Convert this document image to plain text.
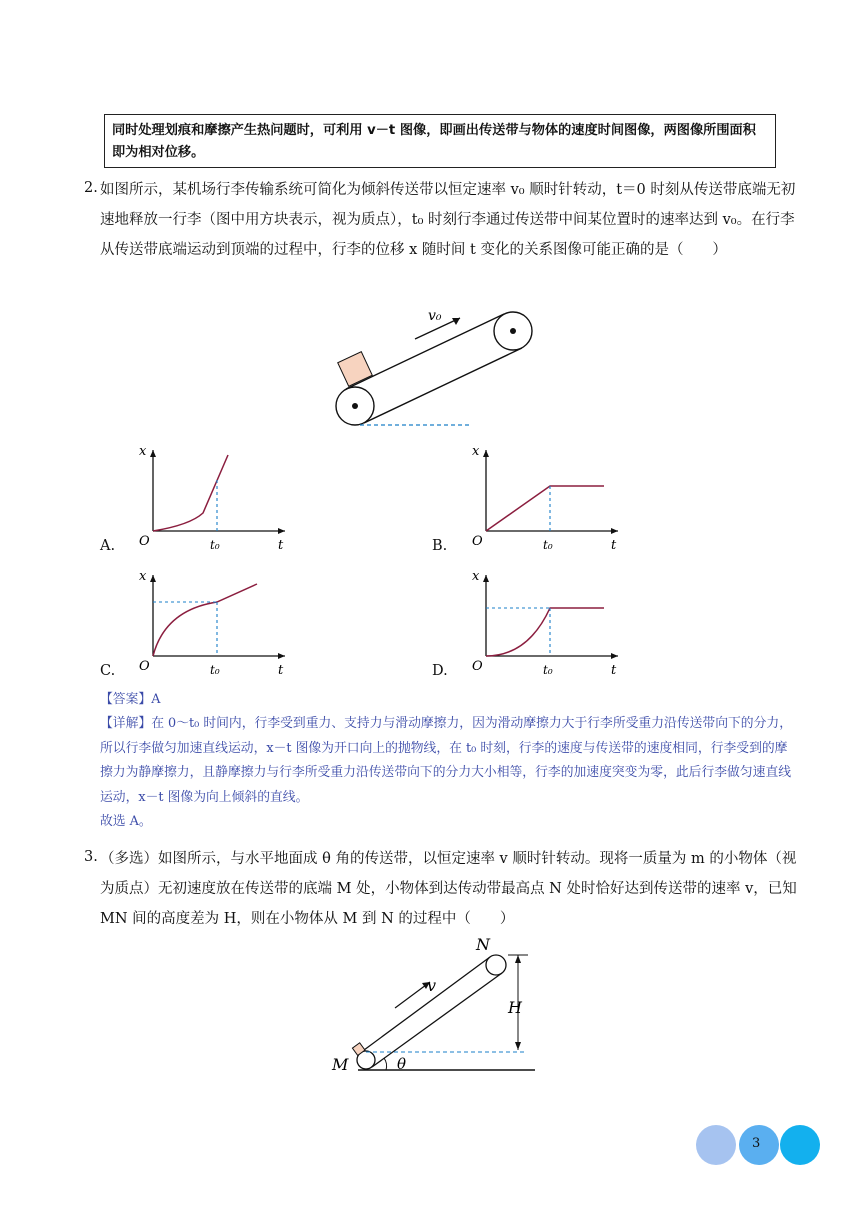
同时处理划痕和摩擦产生热问题时，可利用 v－t 图像，即画出传送带与物体的速度时间图像，两图像所围面积即为相对位移。
2. 如图所示，某机场行李传输系统可简化为倾斜传送带以恒定速率 v₀ 顺时针转动，t＝0 时刻从传送带底端无初速地释放一行李（图中用方块表示，视为质点），t₀ 时刻行李通过传送带中间某位置时的速率达到 v₀。在行李从传送带底端运动到顶端的过程中，行李的位移 x 随时间 t 变化的关系图像可能正确的是（　　）

v₀
A.
x
O	t₀	t	B.
x
O	t₀	t
C.
x
O	t₀	t	D.
x
O	t₀	t

【答案】A

【详解】在 0～t₀ 时间内，行李受到重力、支持力与滑动摩擦力，因为滑动摩擦力大于行李所受重力沿传送带向下的分力，所以行李做匀加速直线运动，x－t 图像为开口向上的抛物线，在 t₀ 时刻，行李的速度与传送带的速度相同，行李受到的摩擦力为静摩擦力，且静摩擦力与行李所受重力沿传送带向下的分力大小相等，行李的加速度突变为零，此后行李做匀速直线运动，x－t 图像为向上倾斜的直线。

故选 A。

3. （多选）如图所示，与水平地面成 θ 角的传送带，以恒定速率 v 顺时针转动。现将一质量为 m 的小物体（视为质点）无初速度放在传送带的底端 M 处，小物体到达传动带最高点 N 处时恰好达到传送带的速率 v，已知 MN 间的高度差为 H，则在小物体从 M 到 N 的过程中（　　）

N
M
v
H
θ
3
